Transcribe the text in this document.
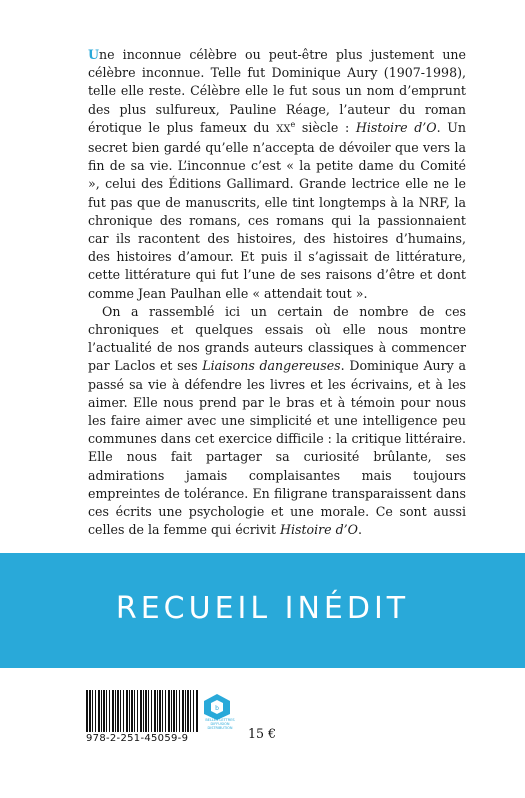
Une inconnue célèbre ou peut-être plus justement une célèbre inconnue. Telle fut Dominique Aury (1907-1998), telle elle reste. Célèbre elle le fut sous un nom d’emprunt des plus sulfureux, Pauline Réage, l’auteur du roman érotique le plus fameux du XXe siècle : Histoire d’O. Un secret bien gardé qu’elle n’accepta de dévoiler que vers la fin de sa vie. L’inconnue c’est « la petite dame du Comité », celui des Éditions Gallimard. Grande lectrice elle ne le fut pas que de manuscrits, elle tint longtemps à la NRF, la chronique des romans, ces romans qui la passionnaient car ils racontent des histoires, des histoires d’humains, des histoires d’amour. Et puis il s’agissait de littérature, cette littérature qui fut l’une de ses raisons d’être et dont comme Jean Paulhan elle « attendait tout ».

On a rassemblé ici un certain de nombre de ces chroniques et quelques essais où elle nous montre l’actualité de nos grands auteurs classiques à commencer par Laclos et ses Liaisons dangereuses. Dominique Aury a passé sa vie à défendre les livres et les écrivains, et à les aimer. Elle nous prend par le bras et à témoin pour nous les faire aimer avec une simplicité et une intelligence peu communes dans cet exercice difficile : la critique littéraire. Elle nous fait partager sa curiosité brûlante, ses admirations jamais complaisantes mais toujours empreintes de tolérance. En filigrane transparaissent dans ces écrits une psychologie et une morale. Ce sont aussi celles de la femme qui écrivit Histoire d’O.

RECUEIL INÉDIT
978-2-251-45059-9
b
BELLES LETTRES DIFFUSION DISTRIBUTION	15 €
